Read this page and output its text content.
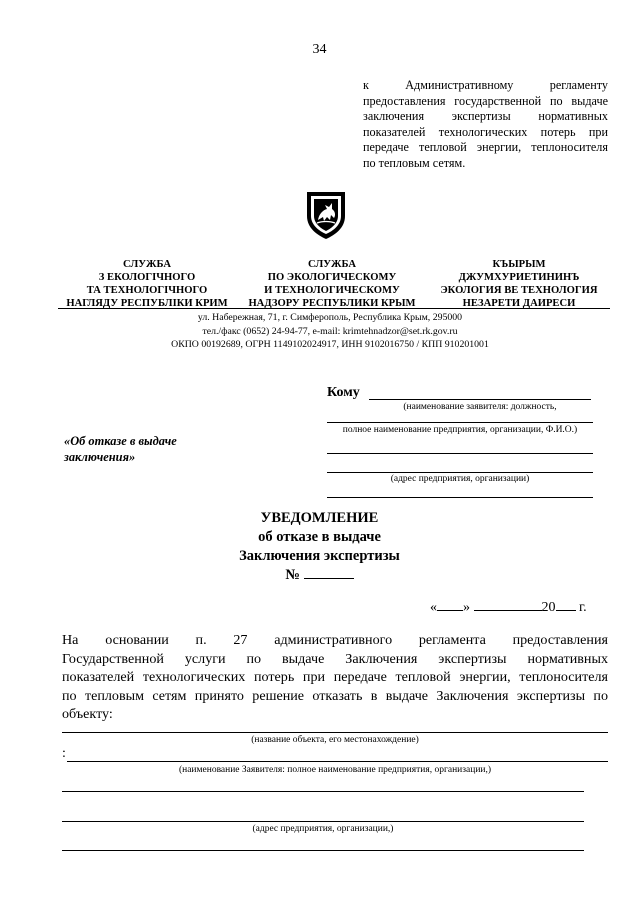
34
к Административному регламенту
предоставления государственной по выдаче
заключения экспертизы нормативных
показателей технологических потерь при
передаче тепловой энергии, теплоносителя
по тепловым сетям.
СЛУЖБА
З ЕКОЛОГІЧНОГО
ТА ТЕХНОЛОГІЧНОГО
НАГЛЯДУ РЕСПУБЛІКИ КРИМ
СЛУЖБА
ПО ЭКОЛОГИЧЕСКОМУ
И ТЕХНОЛОГИЧЕСКОМУ
НАДЗОРУ РЕСПУБЛИКИ КРЫМ
КЪЫРЫМ
ДЖУМХУРИЕТИНИНЪ
ЭКОЛОГИЯ ВЕ ТЕХНОЛОГИЯ
НЕЗАРЕТИ ДАИРЕСИ
ул. Набережная, 71, г. Симферополь, Республика Крым, 295000
тел./факс (0652) 24-94-77, e-mail: krimtehnadzor@set.rk.gov.ru
ОКПО 00192689, ОГРН 1149102024917, ИНН 9102016750 / КПП 910201001
Кому
(наименование заявителя: должность,
полное наименование предприятия, организации, Ф.И.О.)
(адрес предприятия, организации)
«Об отказе в выдаче
заключения»
УВЕДОМЛЕНИЕ
об отказе в выдаче
Заключения экспертизы
№
« »	20 г.
На основании п. 27 административного регламента предоставления
Государственной услуги по выдаче Заключения экспертизы нормативных
показателей технологических потерь при передаче тепловой энергии, теплоносителя
по тепловым сетям принято решение отказать в выдаче Заключения экспертизы по
объекту:
(название объекта, его местонахождение)
:
(наименование Заявителя: полное наименование предприятия, организации,)
(адрес предприятия, организации,)
